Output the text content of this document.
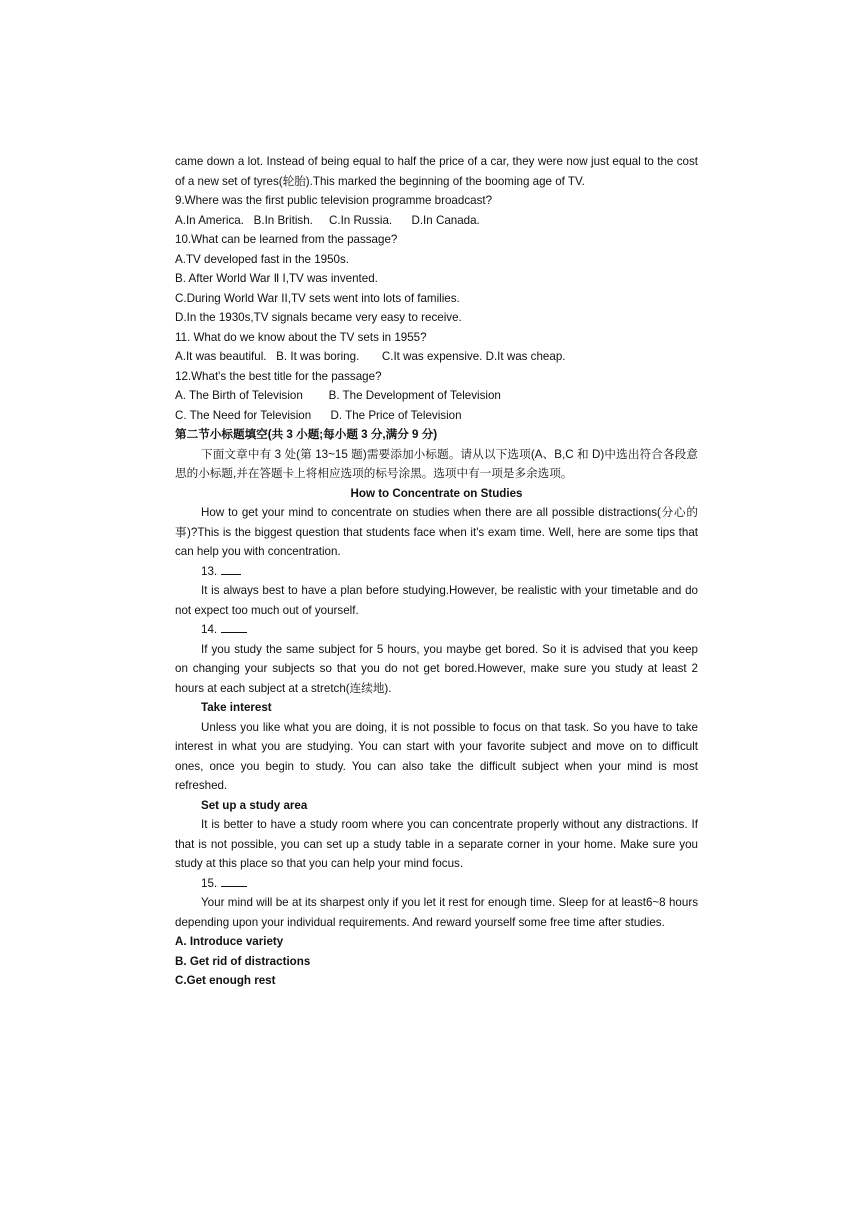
came down a lot. Instead of being equal to half the price of a car, they were now just equal to the cost of a new set of tyres(轮胎).This marked the beginning of the booming age of TV.
9.Where was the first public television programme broadcast?
A.In America.   B.In British.     C.In Russia.      D.In Canada.
10.What can be learned from the passage?
A.TV developed fast in the 1950s.
B. After World War Ⅱ I,TV was invented.
C.During World War II,TV sets went into lots of families.
D.In the 1930s,TV signals became very easy to receive.
11. What do we know about the TV sets in 1955?
A.It was beautiful.   B. It was boring.       C.It was expensive. D.It was cheap.
12.What's the best title for the passage?
A. The Birth of Television        B. The Development of Television
C. The Need for Television      D. The Price of Television
第二节小标题填空(共 3 小题;每小题 3 分,满分 9 分)
下面文章中有 3 处(第 13~15 题)需要添加小标题。请从以下选项(A、B,C 和 D)中选出符合各段意思的小标题,并在答题卡上将相应选项的标号涂黑。选项中有一项是多余选项。
How to Concentrate on Studies
How to get your mind to concentrate on studies when there are all possible distractions(分心的事)?This is the biggest question that students face when it's exam time. Well, here are some tips that can help you with concentration.
13.
It is always best to have a plan before studying.However, be realistic with your timetable and do not expect too much out of yourself.
14.
If you study the same subject for 5 hours, you maybe get bored. So it is advised that you keep on changing your subjects so that you do not get bored.However, make sure you study at least 2 hours at each subject at a stretch(连续地).
Take interest
Unless you like what you are doing, it is not possible to focus on that task. So you have to take interest in what you are studying. You can start with your favorite subject and move on to difficult ones, once you begin to study. You can also take the difficult subject when your mind is most refreshed.
Set up a study area
It is better to have a study room where you can concentrate properly without any distractions. If that is not possible, you can set up a study table in a separate corner in your home. Make sure you study at this place so that you can help your mind focus.
15.
Your mind will be at its sharpest only if you let it rest for enough time. Sleep for at least6~8 hours depending upon your individual requirements. And reward yourself some free time after studies.
A. Introduce variety
B. Get rid of distractions
C.Get enough rest
